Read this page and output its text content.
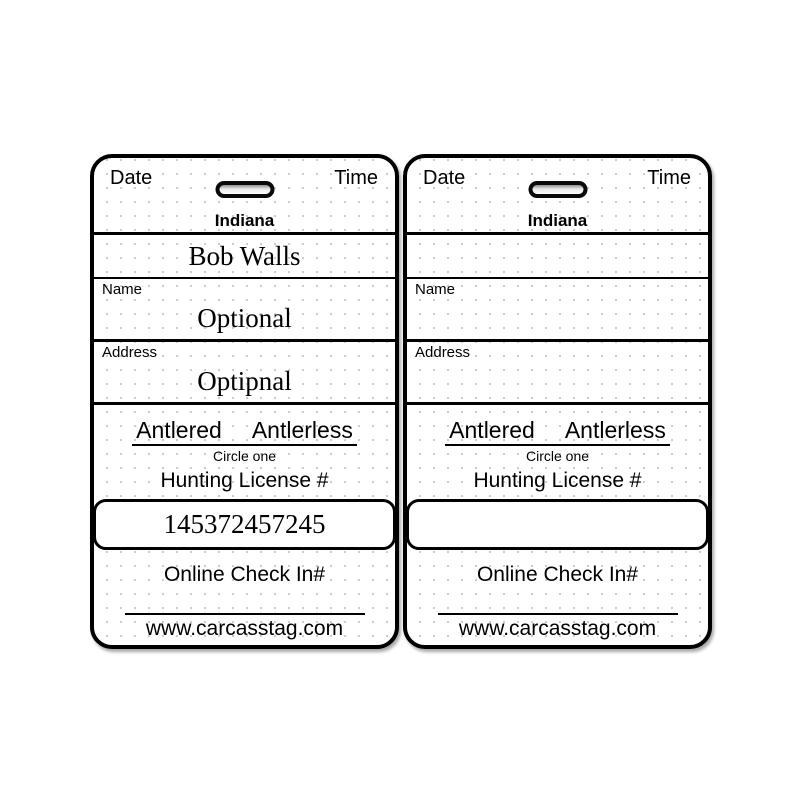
Date	Time
Indiana
Bob Walls
Name
Optional
Address
Optipnal
Antlered Antlerless
Circle one
Hunting License #
145372457245
Online Check In#
www.carcasstag.com
Date	Time
Indiana
Name
Address
Antlered Antlerless
Circle one
Hunting License #
Online Check In#
www.carcasstag.com
